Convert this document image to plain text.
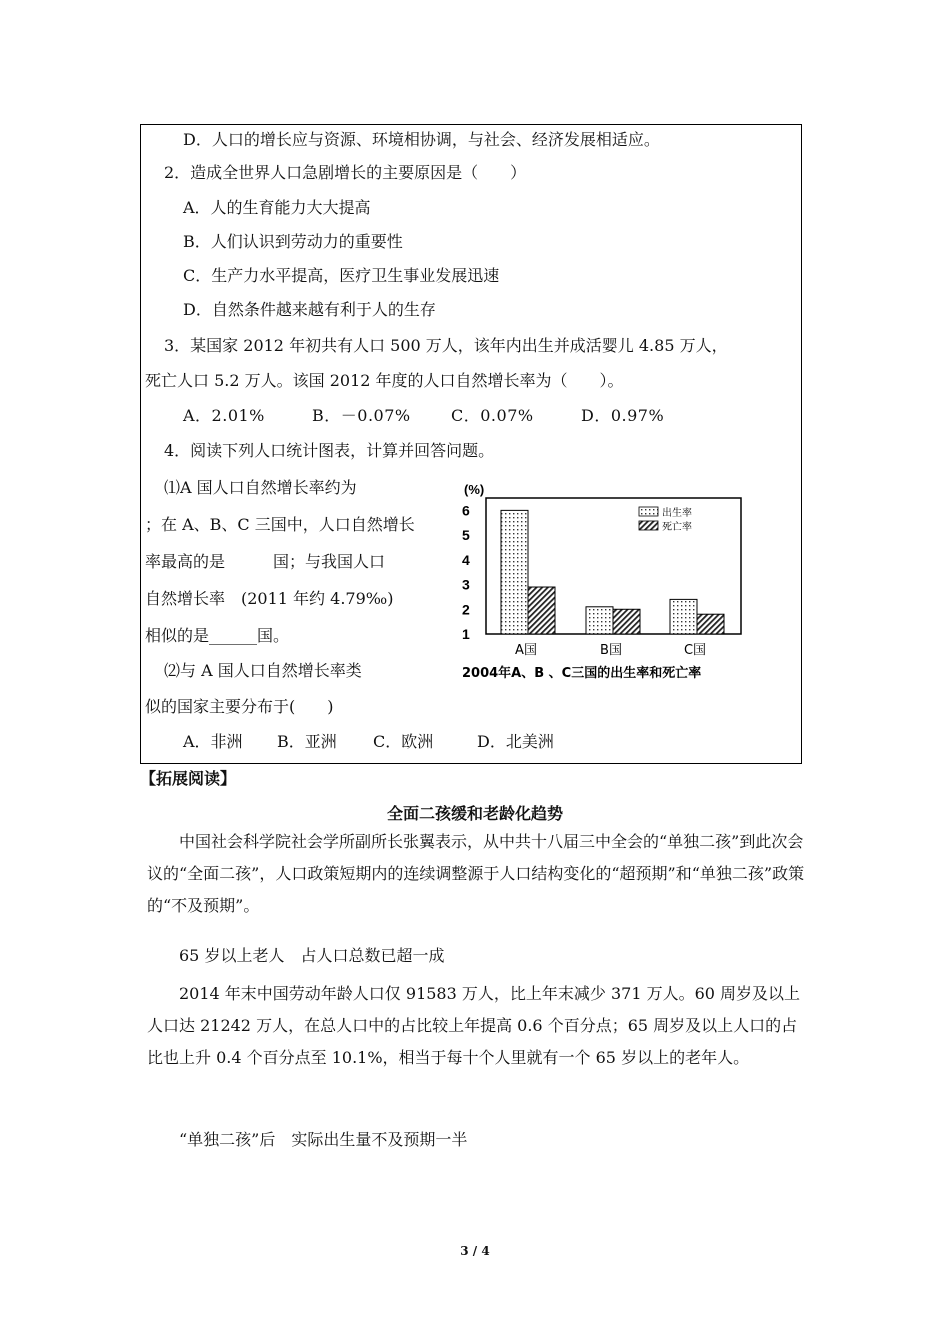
D．人口的增长应与资源、环境相协调，与社会、经济发展相适应。
2．造成全世界人口急剧增长的主要原因是（　　）
A．人的生育能力大大提高
B．人们认识到劳动力的重要性
C．生产力水平提高，医疗卫生事业发展迅速
D．自然条件越来越有利于人的生存
3．某国家 2012 年初共有人口 500 万人，该年内出生并成活婴儿 4.85 万人，
死亡人口 5.2 万人。该国 2012 年度的人口自然增长率为（　　）。
A．2.01%	B．－0.07%	C．0.07%	D．0.97%
4．阅读下列人口统计图表，计算并回答问题。
⑴A 国人口自然增长率约为
；在 A、B、C 三国中，人口自然增长
率最高的是　　　国；与我国人口
自然增长率　(2011 年约 4.79‰)
相似的是______国。
⑵与 A 国人口自然增长率类
似的国家主要分布于(　　)
A．非洲 B．亚洲 C．欧洲	D．北美洲
(%)
1
2
3
4
5
6
A国	B国	C国
出生率
死亡率
2004年A、B 、C三国的出生率和死亡率
【拓展阅读】
全面二孩缓和老龄化趋势
　　中国社会科学院社会学所副所长张翼表示，从中共十八届三中全会的“单独二孩”到此次会议的“全面二孩”，人口政策短期内的连续调整源于人口结构变化的“超预期”和“单独二孩”政策的“不及预期”。
　　65 岁以上老人　占人口总数已超一成
　　2014 年末中国劳动年龄人口仅 91583 万人，比上年末减少 371 万人。60 周岁及以上人口达 21242 万人，在总人口中的占比较上年提高 0.6 个百分点；65 周岁及以上人口的占比也上升 0.4 个百分点至 10.1%，相当于每十个人里就有一个 65 岁以上的老年人。
　　“单独二孩”后　实际出生量不及预期一半
3 / 4
